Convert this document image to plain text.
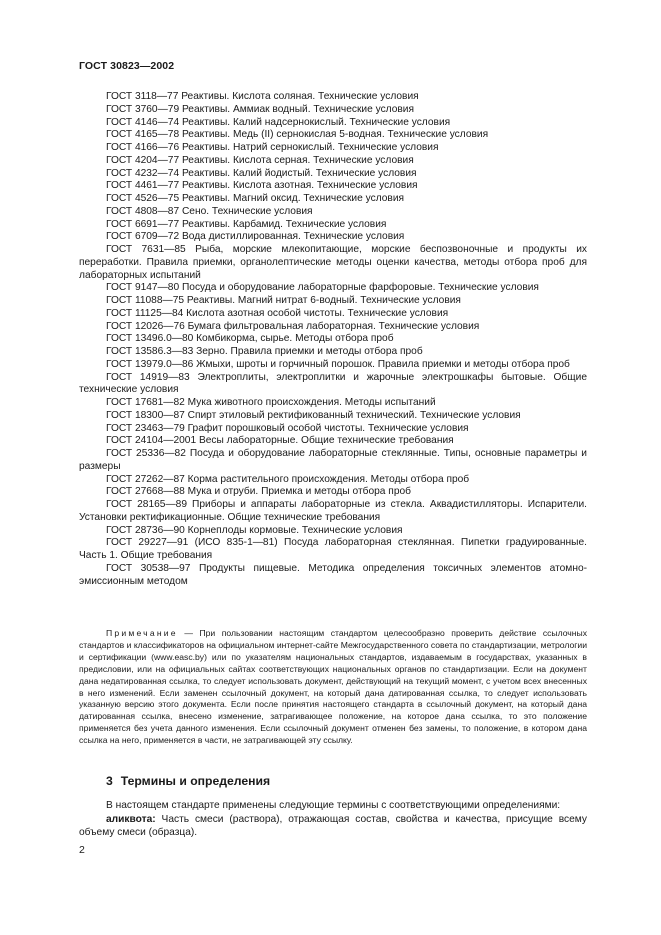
ГОСТ 30823—2002

ГОСТ 3118—77 Реактивы. Кислота соляная. Технические условия

ГОСТ 3760—79 Реактивы. Аммиак водный. Технические условия

ГОСТ 4146—74 Реактивы. Калий надсернокислый. Технические условия

ГОСТ 4165—78 Реактивы. Медь (II) сернокислая 5-водная. Технические условия

ГОСТ 4166—76 Реактивы. Натрий сернокислый. Технические условия

ГОСТ 4204—77 Реактивы. Кислота серная. Технические условия

ГОСТ 4232—74 Реактивы. Калий йодистый. Технические условия

ГОСТ 4461—77 Реактивы. Кислота азотная. Технические условия

ГОСТ 4526—75 Реактивы. Магний оксид. Технические условия

ГОСТ 4808—87 Сено. Технические условия

ГОСТ 6691—77 Реактивы. Карбамид. Технические условия

ГОСТ 6709—72 Вода дистиллированная. Технические условия

ГОСТ 7631—85 Рыба, морские млекопитающие, морские беспозвоночные и продукты их переработки. Правила приемки, органолептические методы оценки качества, методы отбора проб для лабораторных испытаний

ГОСТ 9147—80 Посуда и оборудование лабораторные фарфоровые. Технические условия

ГОСТ 11088—75 Реактивы. Магний нитрат 6-водный. Технические условия

ГОСТ 11125—84 Кислота азотная особой чистоты. Технические условия

ГОСТ 12026—76 Бумага фильтровальная лабораторная. Технические условия

ГОСТ 13496.0—80 Комбикорма, сырье. Методы отбора проб

ГОСТ 13586.3—83 Зерно. Правила приемки и методы отбора проб

ГОСТ 13979.0—86 Жмыхи, шроты и горчичный порошок. Правила приемки и методы отбора проб

ГОСТ 14919—83 Электроплиты, электроплитки и жарочные электрошкафы бытовые. Общие технические условия

ГОСТ 17681—82 Мука животного происхождения. Методы испытаний

ГОСТ 18300—87 Спирт этиловый ректификованный технический. Технические условия

ГОСТ 23463—79 Графит порошковый особой чистоты. Технические условия

ГОСТ 24104—2001 Весы лабораторные. Общие технические требования

ГОСТ 25336—82 Посуда и оборудование лабораторные стеклянные. Типы, основные параметры и размеры

ГОСТ 27262—87 Корма растительного происхождения. Методы отбора проб

ГОСТ 27668—88 Мука и отруби. Приемка и методы отбора проб

ГОСТ 28165—89 Приборы и аппараты лабораторные из стекла. Аквадистилляторы. Испарители. Установки ректификационные. Общие технические требования

ГОСТ 28736—90 Корнеплоды кормовые. Технические условия

ГОСТ 29227—91 (ИСО 835-1—81) Посуда лабораторная стеклянная. Пипетки градуированные. Часть 1. Общие требования

ГОСТ 30538—97 Продукты пищевые. Методика определения токсичных элементов атомно-эмиссионным методом

Примечание — При пользовании настоящим стандартом целесообразно проверить действие ссылочных стандартов и классификаторов на официальном интернет-сайте Межгосударственного совета по стандартизации, метрологии и сертификации (www.easc.by) или по указателям национальных стандартов, издаваемым в государствах, указанных в предисловии, или на официальных сайтах соответствующих национальных органов по стандартизации. Если на документ дана недатированная ссылка, то следует использовать документ, действующий на текущий момент, с учетом всех внесенных в него изменений. Если заменен ссылочный документ, на который дана датированная ссылка, то следует использовать указанную версию этого документа. Если после принятия настоящего стандарта в ссылочный документ, на который дана датированная ссылка, внесено изменение, затрагивающее положение, на которое дана ссылка, то это положение применяется без учета данного изменения. Если ссылочный документ отменен без замены, то положение, в котором дана ссылка на него, применяется в части, не затрагивающей эту ссылку.

3 Термины и определения

В настоящем стандарте применены следующие термины с соответствующими определениями:

аликвота: Часть смеси (раствора), отражающая состав, свойства и качества, присущие всему объему смеси (образца).

2
